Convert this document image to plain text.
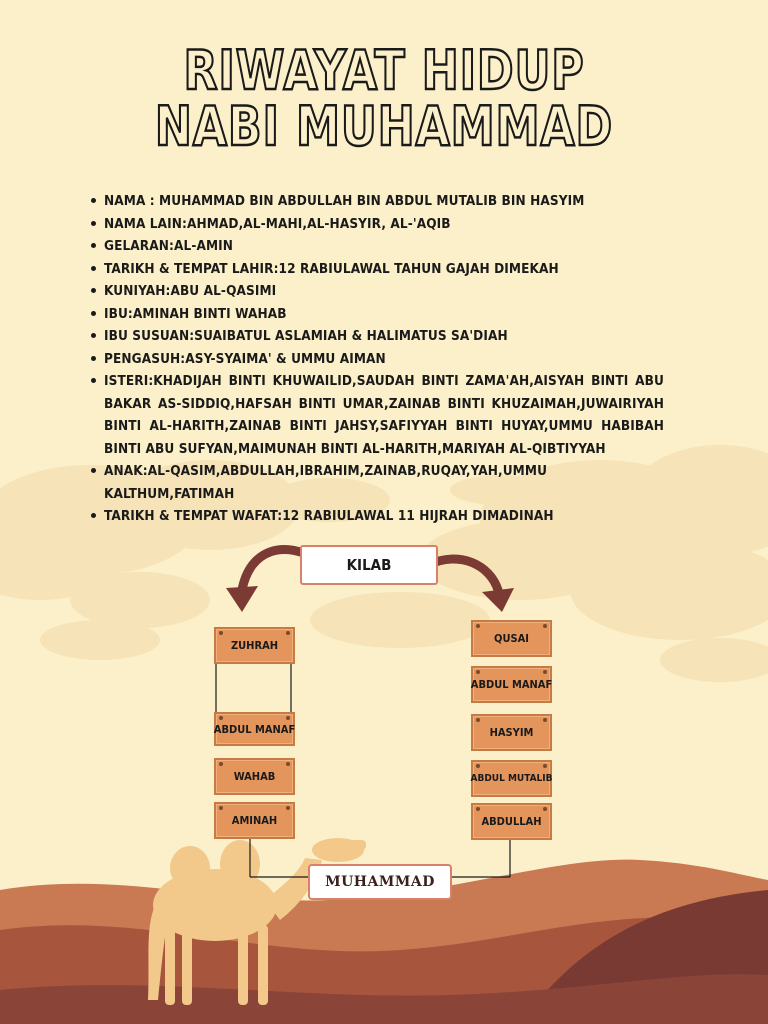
RIWAYAT HIDUP
NABI MUHAMMAD
NAMA : MUHAMMAD BIN ABDULLAH BIN ABDUL MUTALIB BIN HASYIM
NAMA LAIN:AHMAD,AL-MAHI,AL-HASYIR, AL-'AQIB
GELARAN:AL-AMIN
TARIKH & TEMPAT LAHIR:12 RABIULAWAL TAHUN GAJAH DIMEKAH
KUNIYAH:ABU AL-QASIMI
IBU:AMINAH BINTI WAHAB
IBU SUSUAN:SUAIBATUL ASLAMIAH & HALIMATUS SA'DIAH
PENGASUH:ASY-SYAIMA' & UMMU AIMAN
ISTERI:KHADIJAH BINTI KHUWAILID,SAUDAH BINTI ZAMA'AH,AISYAH BINTI ABU BAKAR AS-SIDDIQ,HAFSAH BINTI UMAR,ZAINAB BINTI KHUZAIMAH,JUWAIRIYAH BINTI AL-HARITH,ZAINAB BINTI JAHSY,SAFIYYAH BINTI HUYAY,UMMU HABIBAH BINTI ABU SUFYAN,MAIMUNAH BINTI AL-HARITH,MARIYAH AL-QIBTIYYAH
ANAK:AL-QASIM,ABDULLAH,IBRAHIM,ZAINAB,RUQAY,YAH,UMMU KALTHUM,FATIMAH
TARIKH & TEMPAT WAFAT:12 RABIULAWAL 11 HIJRAH DIMADINAH
KILAB
ZUHRAH
ABDUL MANAF
WAHAB
AMINAH
QUSAI
ABDUL MANAF
HASYIM
ABDUL MUTALIB
ABDULLAH
MUHAMMAD
